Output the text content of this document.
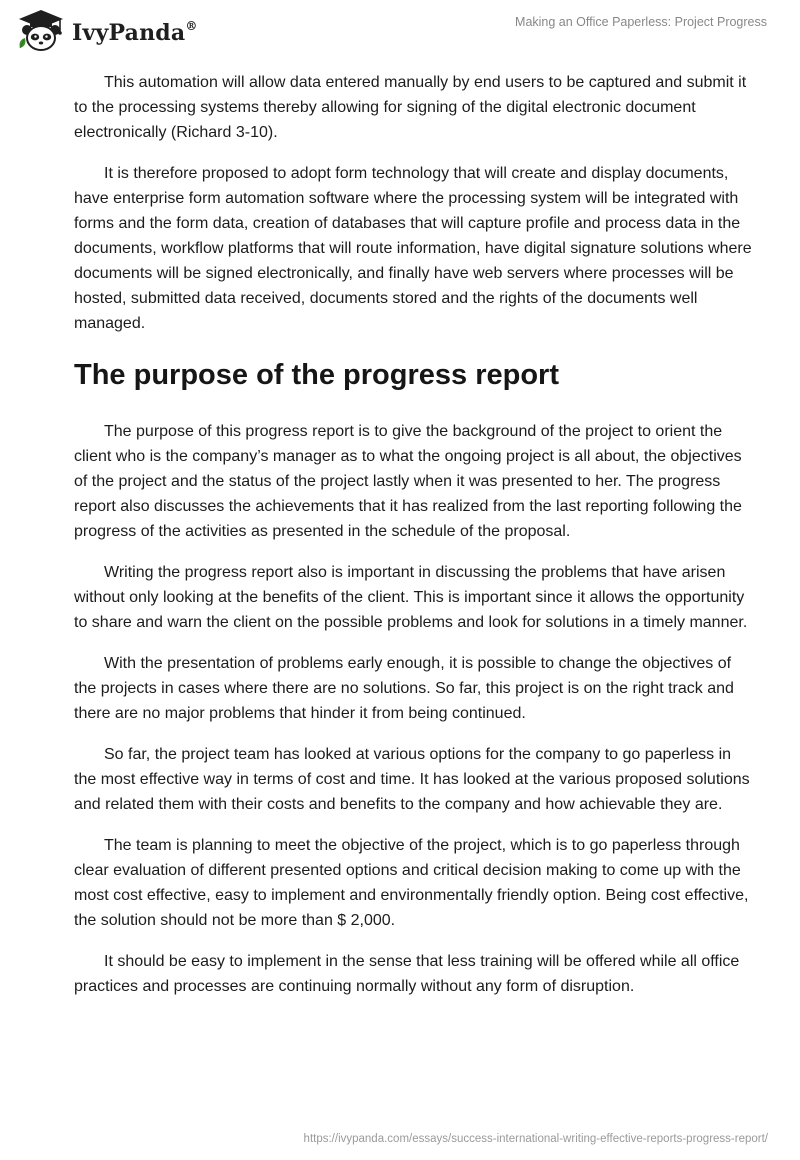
IvyPanda®	Making an Office Paperless: Project Progress

This automation will allow data entered manually by end users to be captured and submit it to the processing systems thereby allowing for signing of the digital electronic document electronically (Richard 3-10).

It is therefore proposed to adopt form technology that will create and display documents, have enterprise form automation software where the processing system will be integrated with forms and the form data, creation of databases that will capture profile and process data in the documents, workflow platforms that will route information, have digital signature solutions where documents will be signed electronically, and finally have web servers where processes will be hosted, submitted data received, documents stored and the rights of the documents well managed.

The purpose of the progress report

The purpose of this progress report is to give the background of the project to orient the client who is the company’s manager as to what the ongoing project is all about, the objectives of the project and the status of the project lastly when it was presented to her. The progress report also discusses the achievements that it has realized from the last reporting following the progress of the activities as presented in the schedule of the proposal.

Writing the progress report also is important in discussing the problems that have arisen without only looking at the benefits of the client. This is important since it allows the opportunity to share and warn the client on the possible problems and look for solutions in a timely manner.

With the presentation of problems early enough, it is possible to change the objectives of the projects in cases where there are no solutions. So far, this project is on the right track and there are no major problems that hinder it from being continued.

So far, the project team has looked at various options for the company to go paperless in the most effective way in terms of cost and time. It has looked at the various proposed solutions and related them with their costs and benefits to the company and how achievable they are.

The team is planning to meet the objective of the project, which is to go paperless through clear evaluation of different presented options and critical decision making to come up with the most cost effective, easy to implement and environmentally friendly option. Being cost effective, the solution should not be more than $ 2,000.

It should be easy to implement in the sense that less training will be offered while all office practices and processes are continuing normally without any form of disruption.

https://ivypanda.com/essays/success-international-writing-effective-reports-progress-report/
